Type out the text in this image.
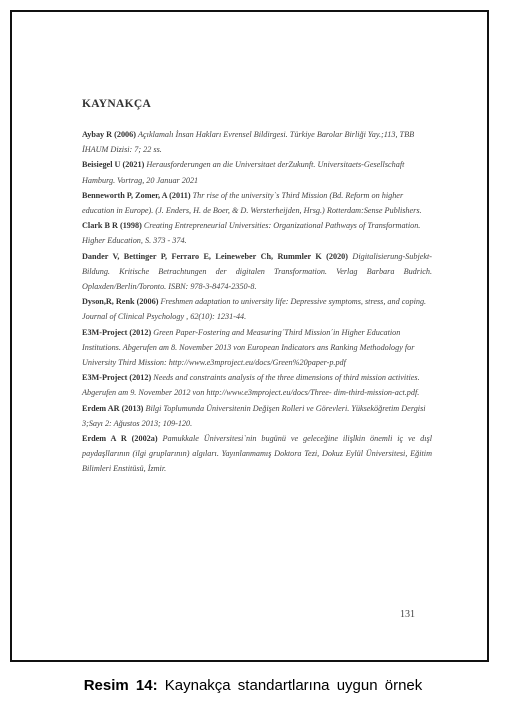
KAYNAKÇA

Aybay R (2006) Açıklamalı İnsan Hakları Evrensel Bildirgesi. Türkiye Barolar Birliği Yay.;113, TBB İHAUM Dizisi: 7; 22 ss.

Beisiegel U (2021) Herausforderungen an die Universitaet derZukunft. Universitaets-Gesellschaft Hamburg. Vortrag, 20 Januar 2021

Benneworth P, Zomer, A (2011) Thr rise of the university`s Third Mission (Bd. Reform on higher education in Europe). (J. Enders, H. de Boer, & D. Wersterheijden, Hrsg.) Rotterdam:Sense Publishers.

Clark B R (1998) Creating Entrepreneurial Universities: Organizational Pathways of Transformation. Higher Education, S. 373 - 374.

Dander V, Bettinger P, Ferraro E, Leineweber Ch, Rummler K (2020) Digitalisierung-Subjekt-Bildung. Kritische Betrachtungen der digitalen Transformation. Verlag Barbara Budrich. Oplaxden/Berlin/Toronto. ISBN: 978-3-8474-2350-8.

Dyson,R, Renk (2006) Freshmen adaptation to university life: Depressive symptoms, stress, and coping. Journal of Clinical Psychology , 62(10): 1231-44.

E3M-Project (2012) Green Paper-Fostering and Measuring´Third Mission´in Higher Education Institutions. Abgerufen am 8. November 2013 von European Indicators ans Ranking Methodology for University Third Mission: http://www.e3mproject.eu/docs/Green%20paper-p.pdf

E3M-Project (2012) Needs and constraints analysis of the three dimensions of third mission activities. Abgerufen am 9. November 2012 von http://www.e3mproject.eu/docs/Three- dim-third-mission-act.pdf.

Erdem AR (2013) Bilgi Toplumunda Üniversitenin Değişen Rolleri ve Görevleri. Yükseköğretim Dergisi 3;Sayı 2: Ağustos 2013; 109-120.

Erdem A R (2002a) Pamukkale Üniversitesi`nin bugünü ve geleceğine ilişlkin önemli iç ve dışl paydaşllarının (ilgi gruplarının) algıları. Yayınlanmamış Doktora Tezi, Dokuz Eylül Üniversitesi, Eğitim Bilimleri Enstitüsü, İzmir.

131
Resim 14: Kaynakça standartlarına uygun örnek
